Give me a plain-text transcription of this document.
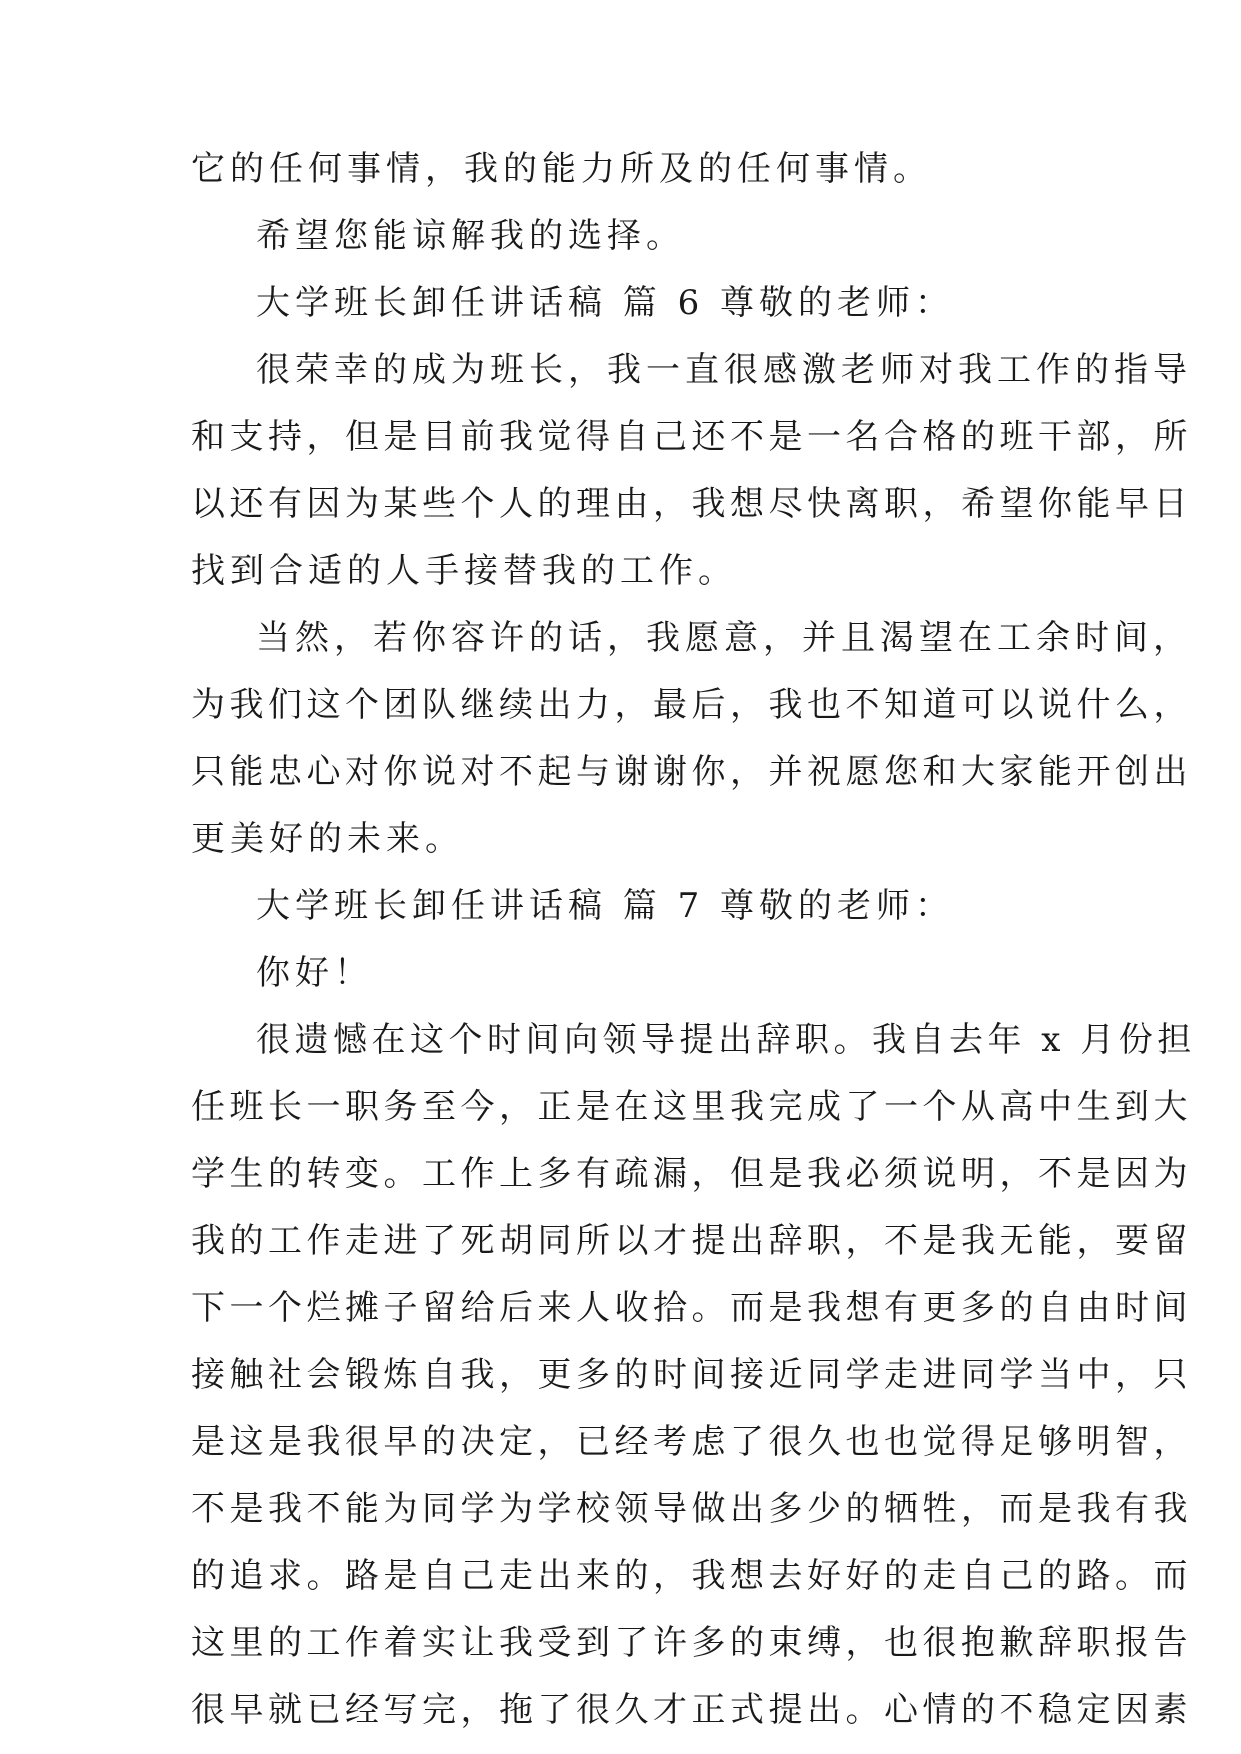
它的任何事情，我的能力所及的任何事情。
希望您能谅解我的选择。
大学班长卸任讲话稿 篇 6 尊敬的老师：
很荣幸的成为班长，我一直很感激老师对我工作的指导
和支持，但是目前我觉得自己还不是一名合格的班干部，所
以还有因为某些个人的理由，我想尽快离职，希望你能早日
找到合适的人手接替我的工作。
当然，若你容许的话，我愿意，并且渴望在工余时间，
为我们这个团队继续出力，最后，我也不知道可以说什么，
只能忠心对你说对不起与谢谢你，并祝愿您和大家能开创出
更美好的未来。
大学班长卸任讲话稿 篇 7 尊敬的老师：
你好！
很遗憾在这个时间向领导提出辞职。我自去年 x 月份担
任班长一职务至今，正是在这里我完成了一个从高中生到大
学生的转变。工作上多有疏漏，但是我必须说明，不是因为
我的工作走进了死胡同所以才提出辞职，不是我无能，要留
下一个烂摊子留给后来人收拾。而是我想有更多的自由时间
接触社会锻炼自我，更多的时间接近同学走进同学当中，只
是这是我很早的决定，已经考虑了很久也也觉得足够明智，
不是我不能为同学为学校领导做出多少的牺牲，而是我有我
的追求。路是自己走出来的，我想去好好的走自己的路。而
这里的工作着实让我受到了许多的束缚，也很抱歉辞职报告
很早就已经写完，拖了很久才正式提出。心情的不稳定因素
